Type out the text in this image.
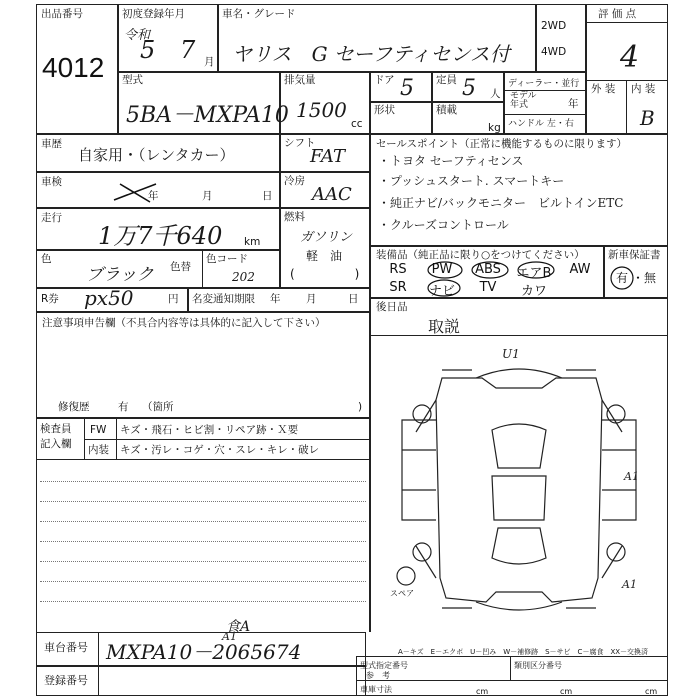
出品番号
4012
初度登録年月
令和
5 7 月
車名・グレード
ヤリス　G セーフティセンス付
2WD
4WD
評 価 点
4
外 装 内 装
B
型式
5BA－MXPA10
排気量
1500
cc
ドア 5 定員 5 人
形状	積載
kg
ディーラー・並行
モデル
年式	年
ハンドル 左・右
車歴
自家用・（レンタカー）
シフト
FAT
車検
年	月	日
冷房
AAC
走行
1万7千640 km
燃料
ガソリン
軽　油
(　　　　　)
色
ブラック 色替
色コード
202
セールスポイント（正常に機能するものに限ります）
・トヨタ セーフティセンス
・プッシュスタート. スマートキー
・純正ナビ/バックモニター　ビルトインETC
・クルーズコントロール
装備品（純正品に限り○をつけてください）
RS	PW	ABS	エアB	AW
SR	ナビ	TV	カワ
新車保証書
有 ・無
R券 px50	円 名変通知期限 年 月	日
後日品
取説
注意事項申告欄（不具合内容等は具体的に記入して下さい）
修復歴	有 （箇所	)
検査員
記入欄
FW キズ・飛石・ヒビ割・リペア跡・Ｘ要
内装 キズ・汚レ・コゲ・穴・スレ・キレ・破レ
U1
A1
A1
A1
スペア
食A
A－キズ　E－エクボ　U－凹み　W－補修跡　S－サビ　C－腐食　XX－交換済
車台番号 MXPA10－2065674
登録番号
型式指定番号
参　考
類別区分番号
車庫寸法	cm	cm	cm
